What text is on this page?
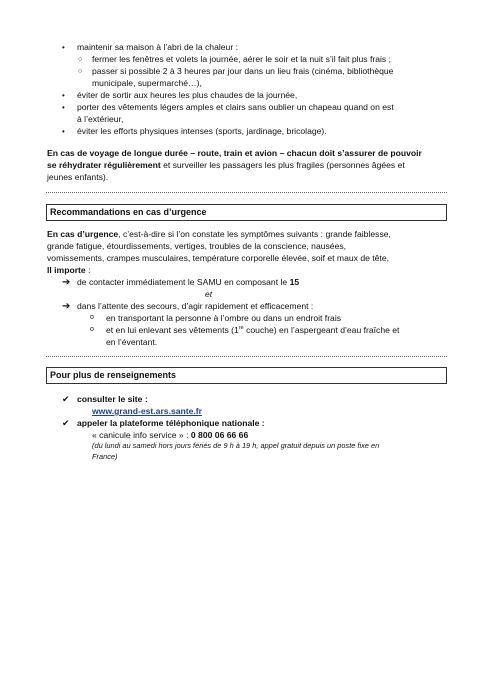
• maintenir sa maison à l’abri de la chaleur :
○ fermer les fenêtres et volets la journée, aérer le soir et la nuit s’il fait plus frais ;
○ passer si possible 2 à 3 heures par jour dans un lieu frais (cinéma, bibliothèque
municipale, supermarché…),
• éviter de sortir aux heures les plus chaudes de la journée,
• porter des vêtements légers amples et clairs sans oublier un chapeau quand on est
à l’extérieur,
• éviter les efforts physiques intenses (sports, jardinage, bricolage).
En cas de voyage de longue durée – route, train et avion – chacun doit s’assurer de pouvoir
se réhydrater régulièrement et surveiller les passagers les plus fragiles (personnes âgées et
jeunes enfants).
Recommandations en cas d’urgence
En cas d’urgence, c’est-à-dire si l’on constate les symptômes suivants : grande faiblesse,
grande fatigue, étourdissements, vertiges, troubles de la conscience, nausées,
vomissements, crampes musculaires, température corporelle élevée, soif et maux de tête,
Il importe :
➔ de contacter immédiatement le SAMU en composant le 15
et
➔ dans l’attente des secours, d’agir rapidement et efficacement :
o en transportant la personne à l’ombre ou dans un endroit frais
o et en lui enlevant ses vêtements (1re couche) en l’aspergeant d’eau fraîche et
en l’éventant.
Pour plus de renseignements
✔ consulter le site :
www.grand-est.ars.sante.fr
✔ appeler la plateforme téléphonique nationale :
« canicule info service » : 0 800 06 66 66
(du lundi au samedi hors jours fériés de 9 h à 19 h, appel gratuit depuis un poste fixe en
France)
